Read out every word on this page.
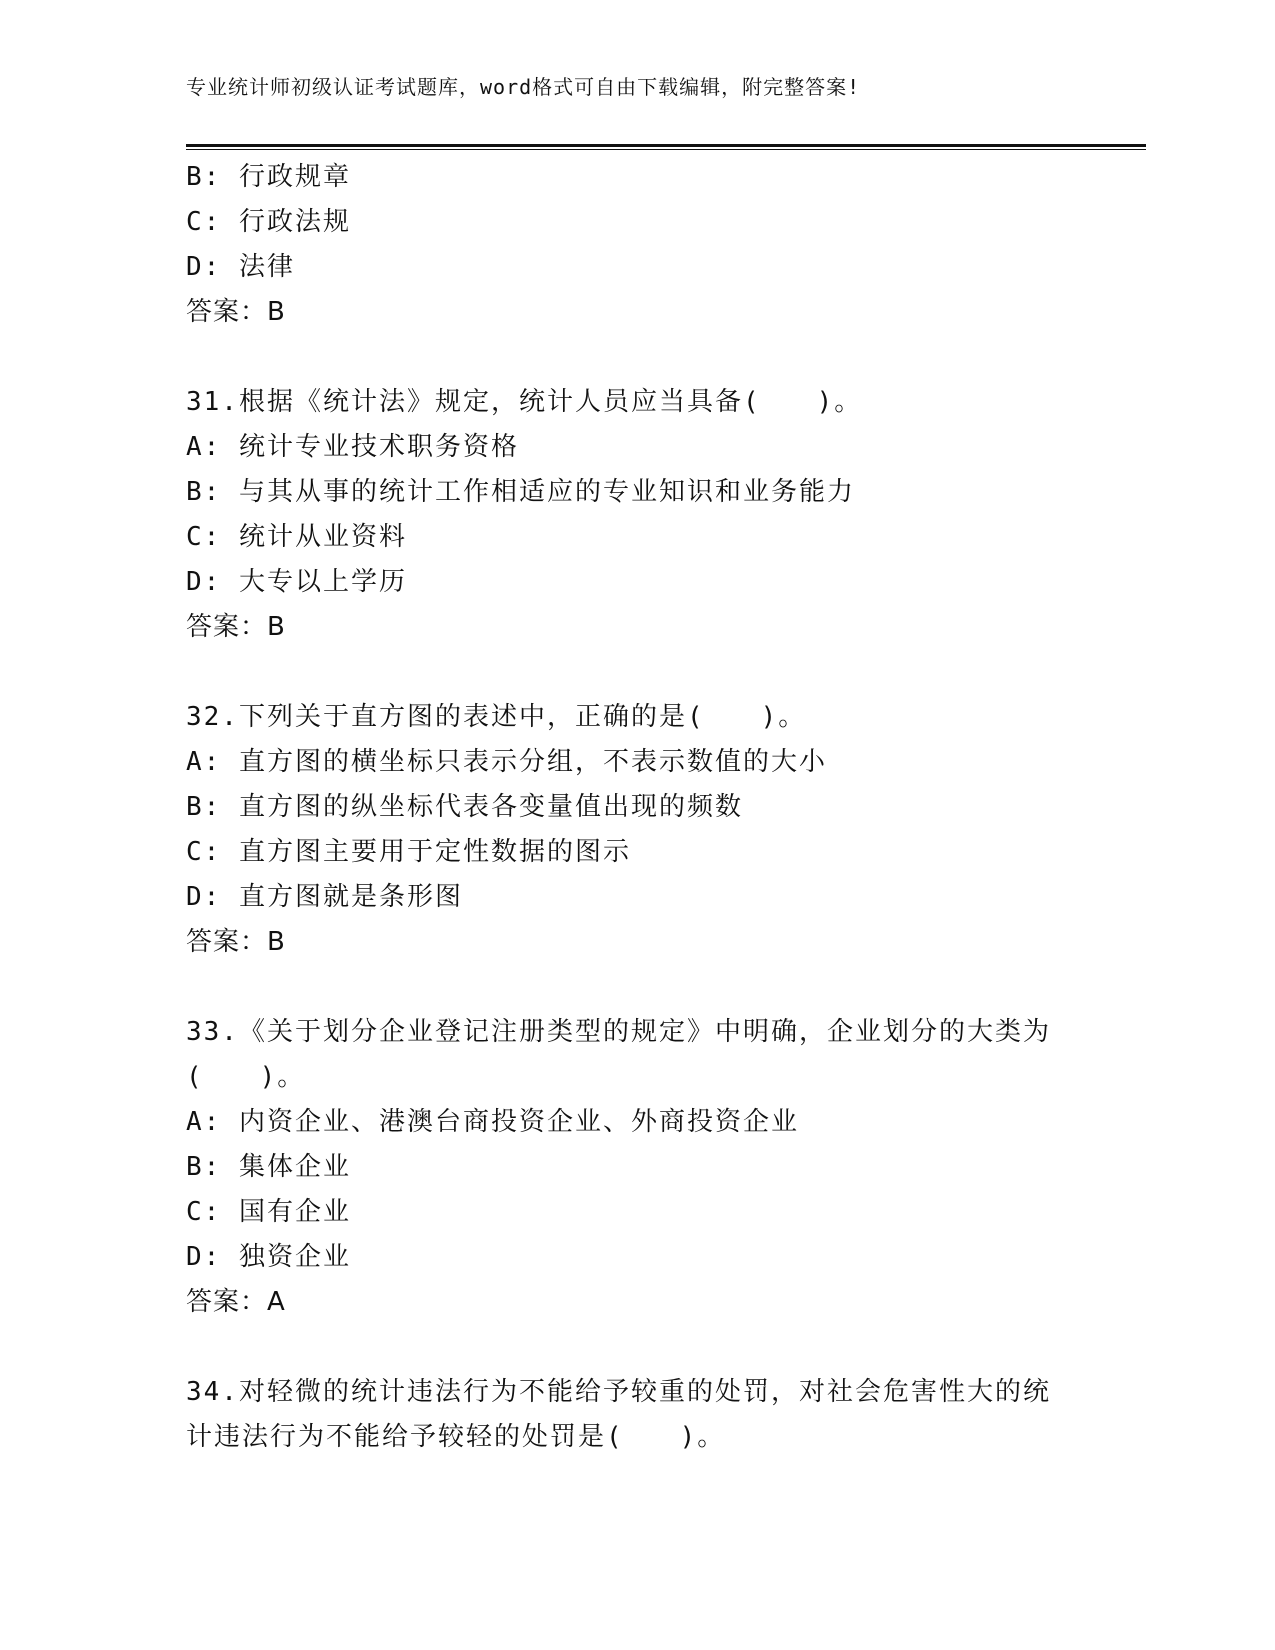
专业统计师初级认证考试题库，word格式可自由下载编辑，附完整答案!
B: 行政规章
C: 行政法规
D: 法律
答案：B
31.根据《统计法》规定，统计人员应当具备(　　)。
A: 统计专业技术职务资格
B: 与其从事的统计工作相适应的专业知识和业务能力
C: 统计从业资料
D: 大专以上学历
答案：B
32.下列关于直方图的表述中，正确的是(　　)。
A: 直方图的横坐标只表示分组，不表示数值的大小
B: 直方图的纵坐标代表各变量值出现的频数
C: 直方图主要用于定性数据的图示
D: 直方图就是条形图
答案：B
33.《关于划分企业登记注册类型的规定》中明确，企业划分的大类为
(　　)。
A: 内资企业、港澳台商投资企业、外商投资企业
B: 集体企业
C: 国有企业
D: 独资企业
答案：A
34.对轻微的统计违法行为不能给予较重的处罚，对社会危害性大的统
计违法行为不能给予较轻的处罚是(　　)。
